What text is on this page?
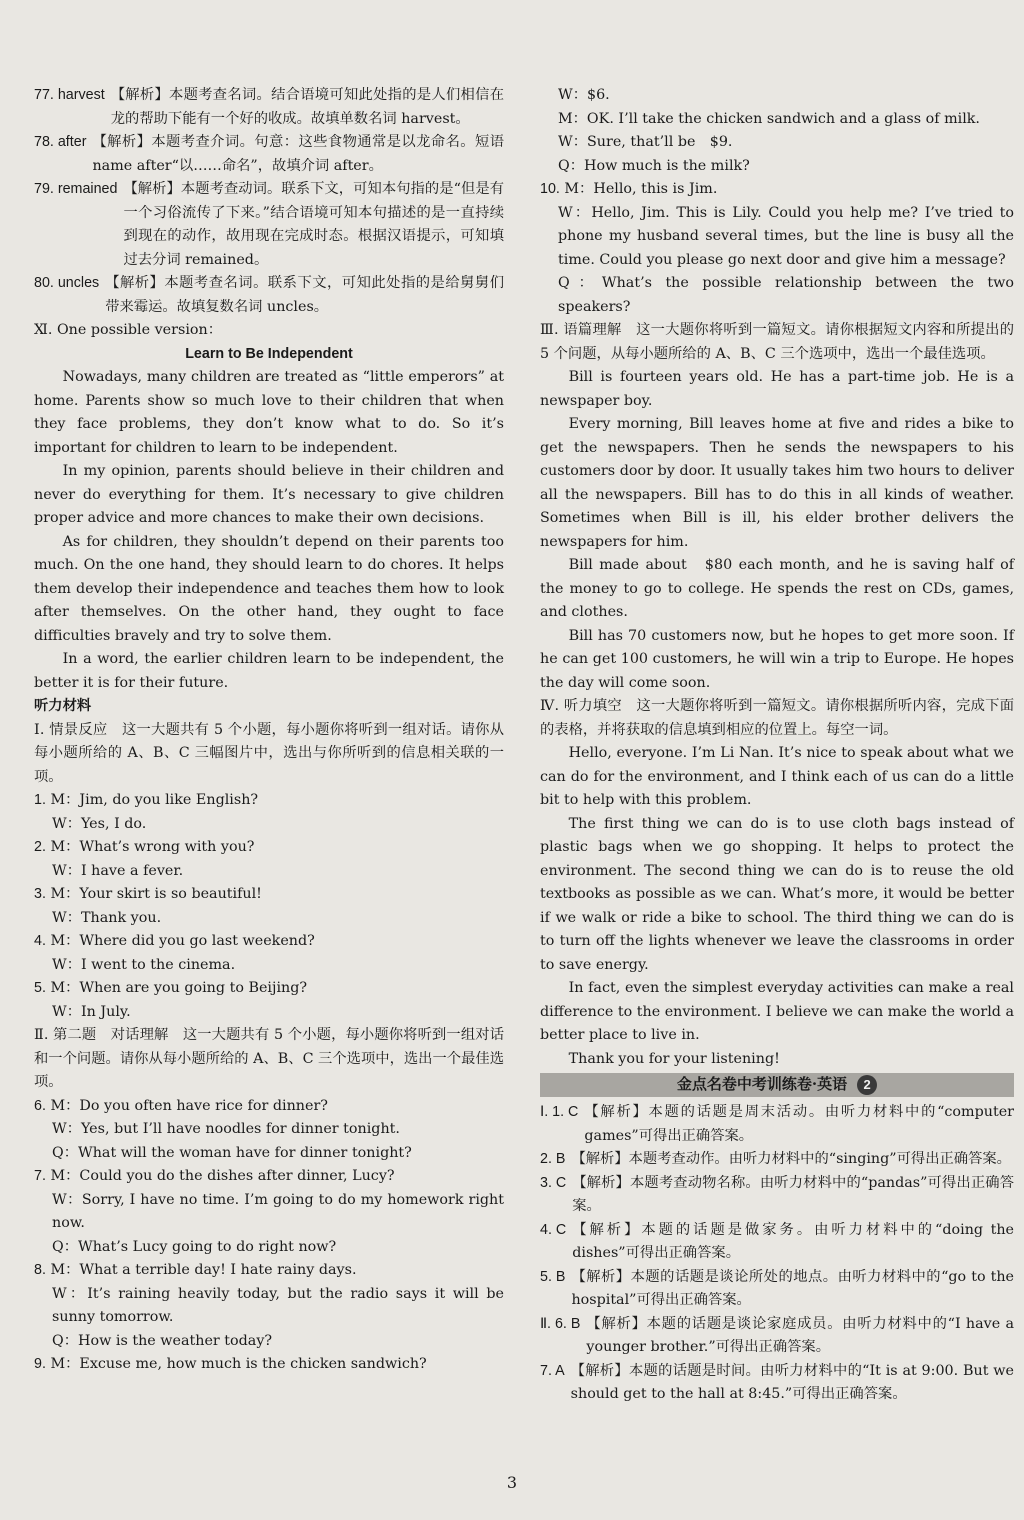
77. harvest 【解析】本题考查名词。结合语境可知此处指的是人们相信在龙的帮助下能有一个好的收成。故填单数名词 harvest。
78. after 【解析】本题考查介词。句意：这些食物通常是以龙命名。短语 name after“以……命名”，故填介词 after。
79. remained 【解析】本题考查动词。联系下文，可知本句指的是“但是有一个习俗流传了下来。”结合语境可知本句描述的是一直持续到现在的动作，故用现在完成时态。根据汉语提示，可知填过去分词 remained。
80. uncles 【解析】本题考查名词。联系下文，可知此处指的是给舅舅们带来霉运。故填复数名词 uncles。

Ⅺ. One possible version：

Learn to Be Independent

Nowadays, many children are treated as “little emperors” at home. Parents show so much love to their children that when they face problems, they don’t know what to do. So it’s important for children to learn to be independent.

In my opinion, parents should believe in their children and never do everything for them. It’s necessary to give children proper advice and more chances to make their own decisions.

As for children, they shouldn’t depend on their parents too much. On the one hand, they should learn to do chores. It helps them develop their independence and teaches them how to look after themselves. On the other hand, they ought to face difficulties bravely and try to solve them.

In a word, the earlier children learn to be independent, the better it is for their future.

听力材料

Ⅰ. 情景反应　这一大题共有 5 个小题，每小题你将听到一组对话。请你从每小题所给的 A、B、C 三幅图片中，选出与你所听到的信息相关联的一项。

1.
M：Jim, do you like English?
W：Yes, I do.
2.
M：What’s wrong with you?
W：I have a fever.
3.
M：Your skirt is so beautiful!
W：Thank you.
4.
M：Where did you go last weekend?
W：I went to the cinema.
5.
M：When are you going to Beijing?
W：In July.

Ⅱ. 第二题　对话理解　这一大题共有 5 个小题，每小题你将听到一组对话和一个问题。请你从每小题所给的 A、B、C 三个选项中，选出一个最佳选项。

6.
M：Do you often have rice for dinner?
W：Yes, but I’ll have noodles for dinner tonight.
Q：What will the woman have for dinner tonight?
7.
M：Could you do the dishes after dinner, Lucy?
W：Sorry, I have no time. I’m going to do my homework right now.
Q：What’s Lucy going to do right now?
8.
M：What a terrible day! I hate rainy days.
W：It’s raining heavily today, but the radio says it will be sunny tomorrow.
Q：How is the weather today?
9.
M：Excuse me, how much is the chicken sandwich?
W：$6.
M：OK. I’ll take the chicken sandwich and a glass of milk.
W：Sure, that’ll be　$9.
Q：How much is the milk?
10.
M：Hello, this is Jim.
W：Hello, Jim. This is Lily. Could you help me? I’ve tried to phone my husband several times, but the line is busy all the time. Could you please go next door and give him a message?
Q：What’s the possible relationship between the two speakers?

Ⅲ. 语篇理解　这一大题你将听到一篇短文。请你根据短文内容和所提出的 5 个问题，从每小题所给的 A、B、C 三个选项中，选出一个最佳选项。

Bill is fourteen years old. He has a part-time job. He is a newspaper boy.

Every morning, Bill leaves home at five and rides a bike to get the newspapers. Then he sends the newspapers to his customers door by door. It usually takes him two hours to deliver all the newspapers. Bill has to do this in all kinds of weather. Sometimes when Bill is ill, his elder brother delivers the newspapers for him.

Bill made about　$80 each month, and he is saving half of the money to go to college. He spends the rest on CDs, games, and clothes.

Bill has 70 customers now, but he hopes to get more soon. If he can get 100 customers, he will win a trip to Europe. He hopes the day will come soon.

Ⅳ. 听力填空　这一大题你将听到一篇短文。请你根据所听内容，完成下面的表格，并将获取的信息填到相应的位置上。每空一词。

Hello, everyone. I’m Li Nan. It’s nice to speak about what we can do for the environment, and I think each of us can do a little bit to help with this problem.

The first thing we can do is to use cloth bags instead of plastic bags when we go shopping. It helps to protect the environment. The second thing we can do is to reuse the old textbooks as possible as we can. What’s more, it would be better if we walk or ride a bike to school. The third thing we can do is to turn off the lights whenever we leave the classrooms in order to save energy.

In fact, even the simplest everyday activities can make a real difference to the environment. I believe we can make the world a better place to live in.

Thank you for your listening!

金点名卷中考训练卷·英语	2
Ⅰ. 1. C 【解析】本题的话题是周末活动。由听力材料中的“computer games”可得出正确答案。
2. B 【解析】本题考查动作。由听力材料中的“singing”可得出正确答案。
3. C 【解析】本题考查动物名称。由听力材料中的“pandas”可得出正确答案。
4. C 【解析】本题的话题是做家务。由听力材料中的“doing the dishes”可得出正确答案。
5. B 【解析】本题的话题是谈论所处的地点。由听力材料中的“go to the hospital”可得出正确答案。
Ⅱ. 6. B 【解析】本题的话题是谈论家庭成员。由听力材料中的“I have a younger brother.”可得出正确答案。
7. A 【解析】本题的话题是时间。由听力材料中的“It is at 9:00. But we should get to the hall at 8:45.”可得出正确答案。
3
